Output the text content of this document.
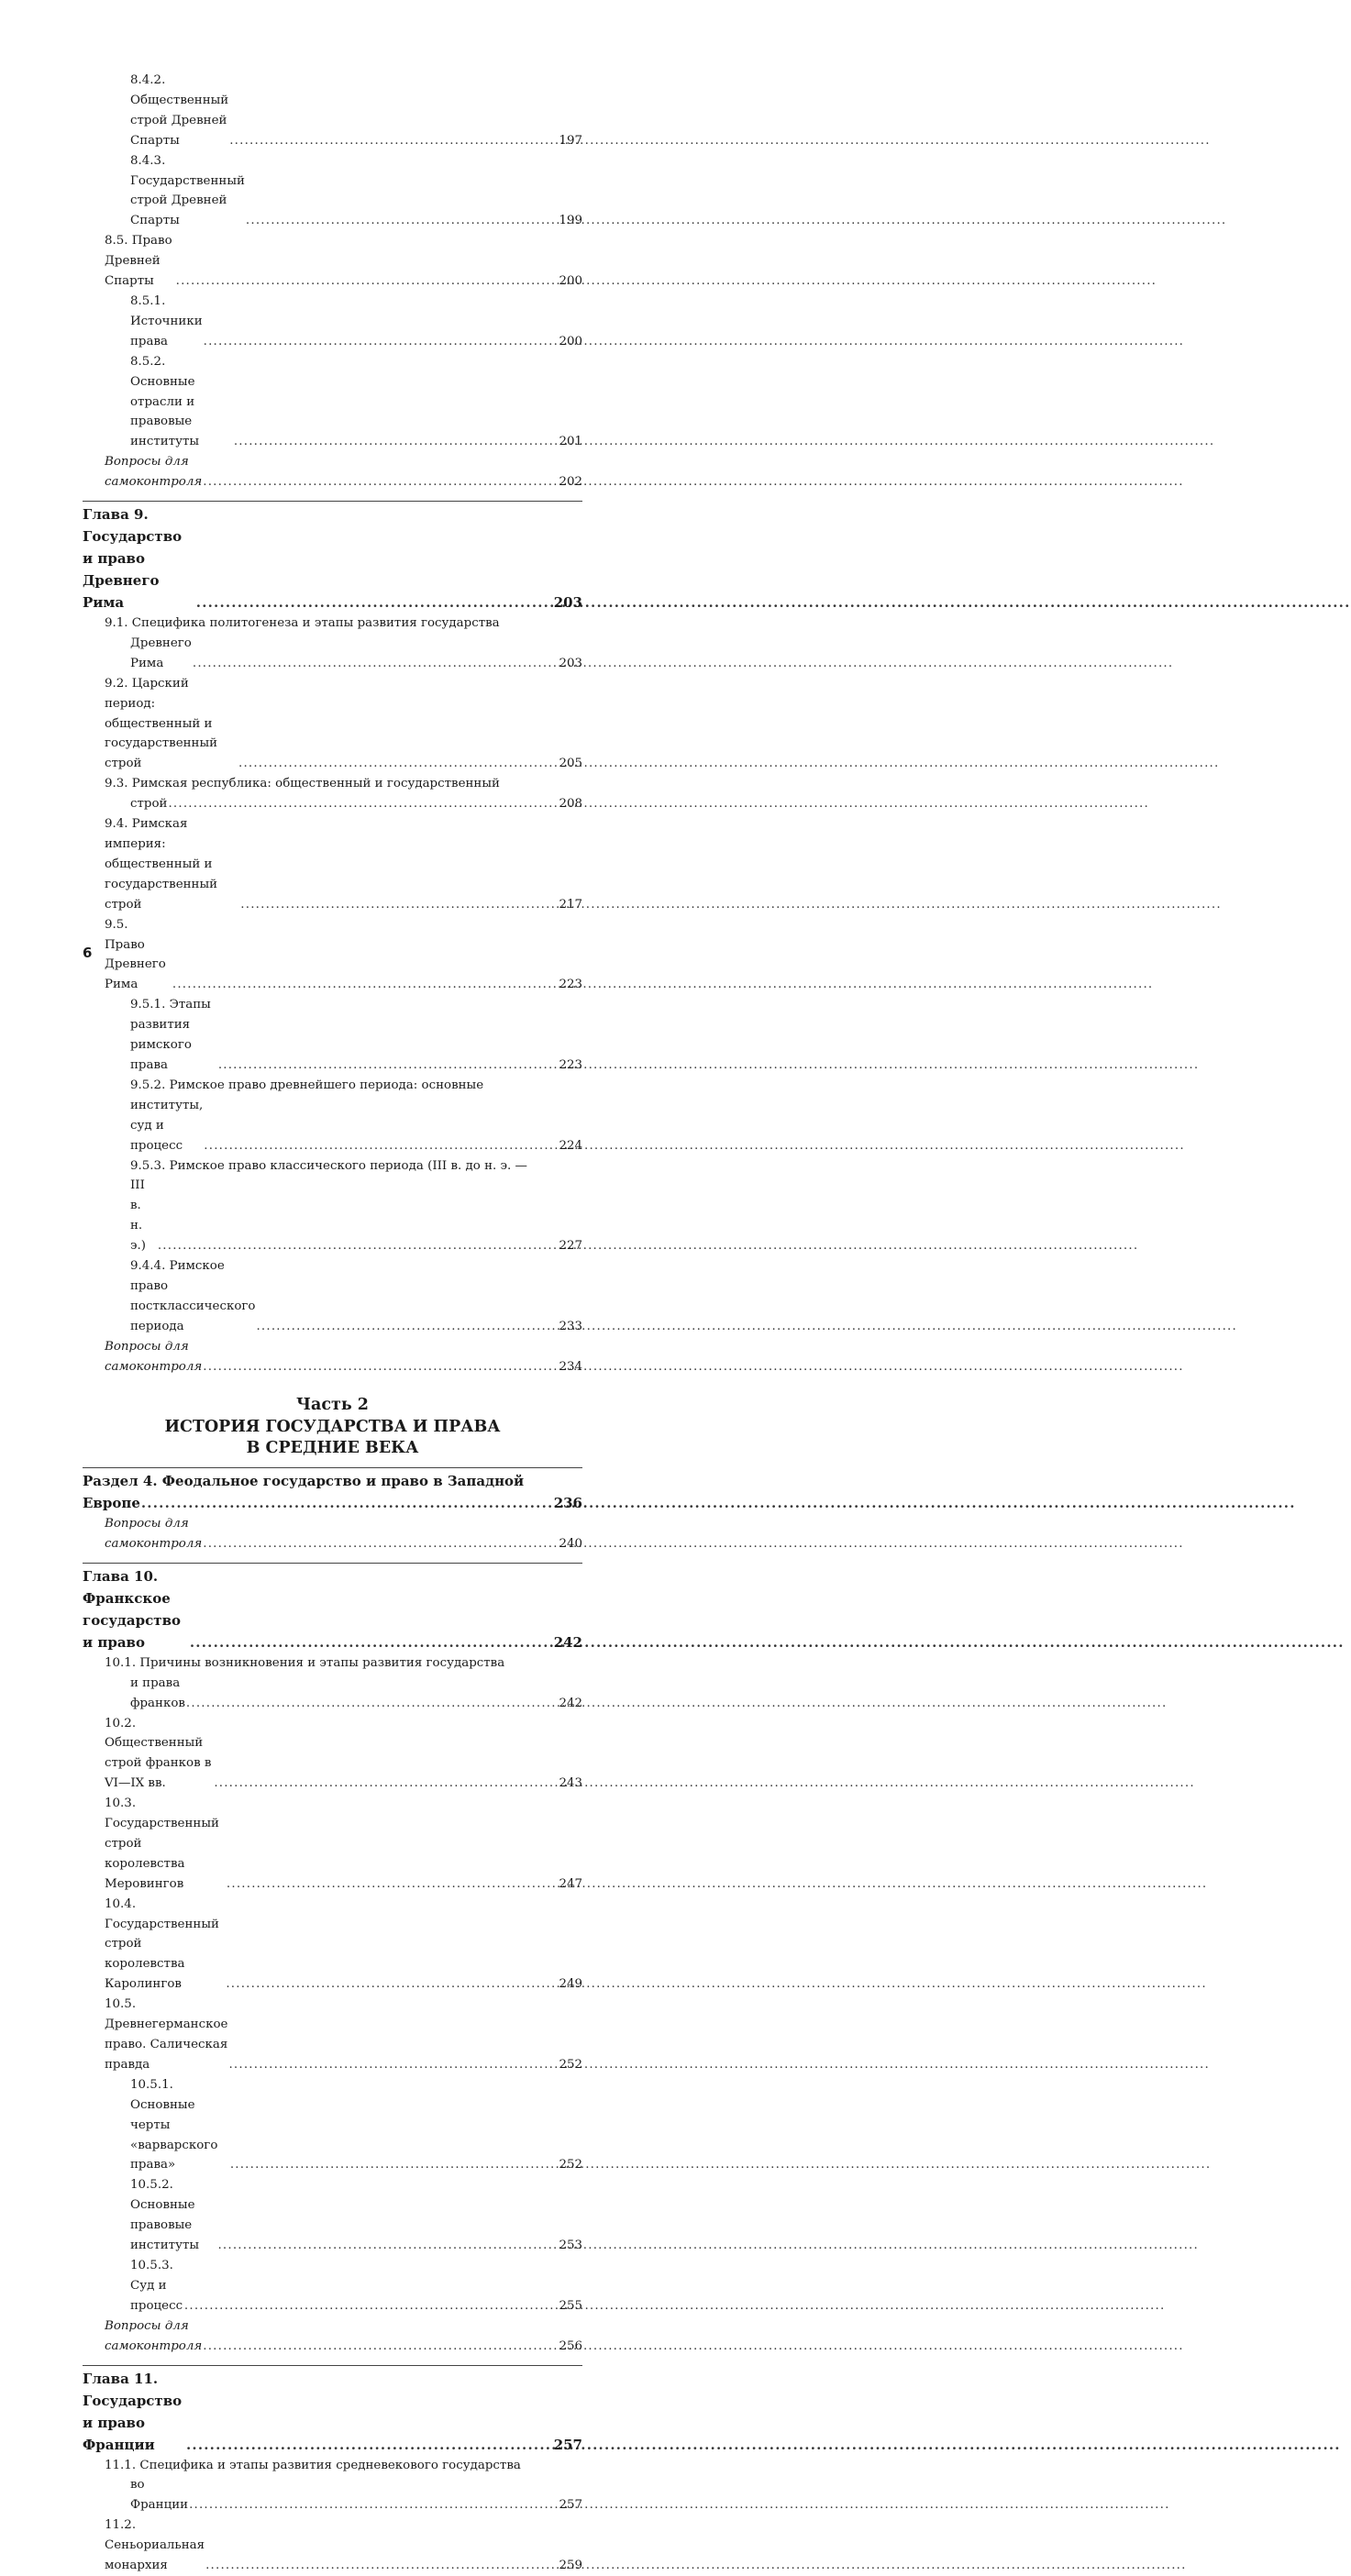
8.4.2. Общественный строй Древней Спарты .....	197
8.4.3. Государственный строй Древней Спарты .....	199
8.5. Право Древней Спарты .....	200
8.5.1. Источники права .....	200
8.5.2. Основные отрасли и правовые институты .....	201
Вопросы для самоконтроля .....	202
Глава 9. Государство и право Древнего Рима .....	203
9.1. Специфика политогенеза и этапы развития государства
Древнего Рима .....	203
9.2. Царский период: общественный и государственный строй .....	205
9.3. Римская республика: общественный и государственный
строй .....	208
9.4. Римская империя: общественный и государственный строй .....	217
9.5. Право Древнего Рима .....	223
9.5.1. Этапы развития римского права .....	223
9.5.2. Римское право древнейшего периода: основные
институты, суд и процесс .....	224
9.5.3. Римское право классического периода (III в. до н. э. —
III в. н. э.) .....	227
9.4.4. Римское право постклассического периода .....	233
Вопросы для самоконтроля .....	234
Часть 2
ИСТОРИЯ ГОСУДАРСТВА И ПРАВА
В СРЕДНИЕ ВЕКА
Раздел 4. Феодальное государство и право в Западной
Европе .....	236
Вопросы для самоконтроля .....	240
Глава 10. Франкское государство и право .....	242
10.1. Причины возникновения и этапы развития государства
и права франков .....	242
10.2. Общественный строй франков в VI—IX вв. .....	243
10.3. Государственный строй королевства Меровингов .....	247
10.4. Государственный строй королевства Каролингов .....	249
10.5. Древнегерманское право. Салическая правда .....	252
10.5.1. Основные черты «варварского права» .....	252
10.5.2. Основные правовые институты .....	253
10.5.3. Суд и процесс .....	255
Вопросы для самоконтроля .....	256
Глава 11. Государство и право Франции .....	257
11.1. Специфика и этапы развития средневекового государства
во Франции .....	257
11.2. Сеньориальная монархия .....	259
6
